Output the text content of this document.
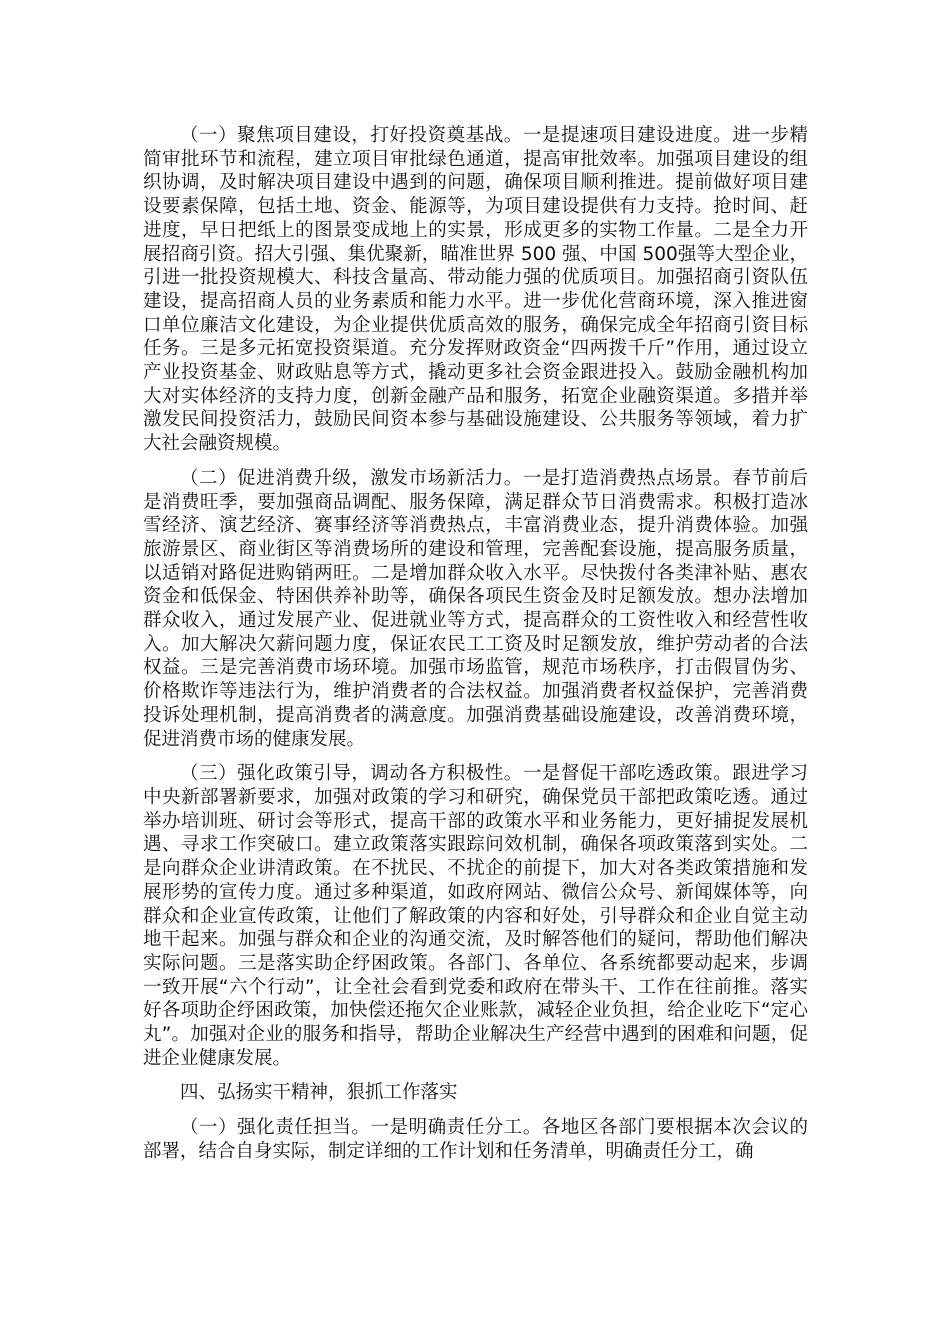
（一）聚焦项目建设，打好投资奠基战。一是提速项目建设进度。进一步精简审批环节和流程，建立项目审批绿色通道，提高审批效率。加强项目建设的组织协调，及时解决项目建设中遇到的问题，确保项目顺利推进。提前做好项目建设要素保障，包括土地、资金、能源等，为项目建设提供有力支持。抢时间、赶进度，早日把纸上的图景变成地上的实景，形成更多的实物工作量。二是全力开展招商引资。招大引强、集优聚新，瞄准世界 500 强、中国 500强等大型企业，引进一批投资规模大、科技含量高、带动能力强的优质项目。加强招商引资队伍建设，提高招商人员的业务素质和能力水平。进一步优化营商环境，深入推进窗口单位廉洁文化建设，为企业提供优质高效的服务，确保完成全年招商引资目标任务。三是多元拓宽投资渠道。充分发挥财政资金“四两拨千斤”作用，通过设立产业投资基金、财政贴息等方式，撬动更多社会资金跟进投入。鼓励金融机构加大对实体经济的支持力度，创新金融产品和服务，拓宽企业融资渠道。多措并举激发民间投资活力，鼓励民间资本参与基础设施建设、公共服务等领域，着力扩大社会融资规模。

（二）促进消费升级，激发市场新活力。一是打造消费热点场景。春节前后是消费旺季，要加强商品调配、服务保障，满足群众节日消费需求。积极打造冰雪经济、演艺经济、赛事经济等消费热点，丰富消费业态，提升消费体验。加强旅游景区、商业街区等消费场所的建设和管理，完善配套设施，提高服务质量，以适销对路促进购销两旺。二是增加群众收入水平。尽快拨付各类津补贴、惠农资金和低保金、特困供养补助等，确保各项民生资金及时足额发放。想办法增加群众收入，通过发展产业、促进就业等方式，提高群众的工资性收入和经营性收入。加大解决欠薪问题力度，保证农民工工资及时足额发放，维护劳动者的合法权益。三是完善消费市场环境。加强市场监管，规范市场秩序，打击假冒伪劣、价格欺诈等违法行为，维护消费者的合法权益。加强消费者权益保护，完善消费投诉处理机制，提高消费者的满意度。加强消费基础设施建设，改善消费环境，促进消费市场的健康发展。

（三）强化政策引导，调动各方积极性。一是督促干部吃透政策。跟进学习中央新部署新要求，加强对政策的学习和研究，确保党员干部把政策吃透。通过举办培训班、研讨会等形式，提高干部的政策水平和业务能力，更好捕捉发展机遇、寻求工作突破口。建立政策落实跟踪问效机制，确保各项政策落到实处。二是向群众企业讲清政策。在不扰民、不扰企的前提下，加大对各类政策措施和发展形势的宣传力度。通过多种渠道，如政府网站、微信公众号、新闻媒体等，向群众和企业宣传政策，让他们了解政策的内容和好处，引导群众和企业自觉主动地干起来。加强与群众和企业的沟通交流，及时解答他们的疑问，帮助他们解决实际问题。三是落实助企纾困政策。各部门、各单位、各系统都要动起来，步调一致开展“六个行动”，让全社会看到党委和政府在带头干、工作在往前推。落实好各项助企纾困政策，加快偿还拖欠企业账款，减轻企业负担，给企业吃下“定心丸”。加强对企业的服务和指导，帮助企业解决生产经营中遇到的困难和问题，促进企业健康发展。

四、弘扬实干精神，狠抓工作落实

（一）强化责任担当。一是明确责任分工。各地区各部门要根据本次会议的部署，结合自身实际，制定详细的工作计划和任务清单，明确责任分工，确
